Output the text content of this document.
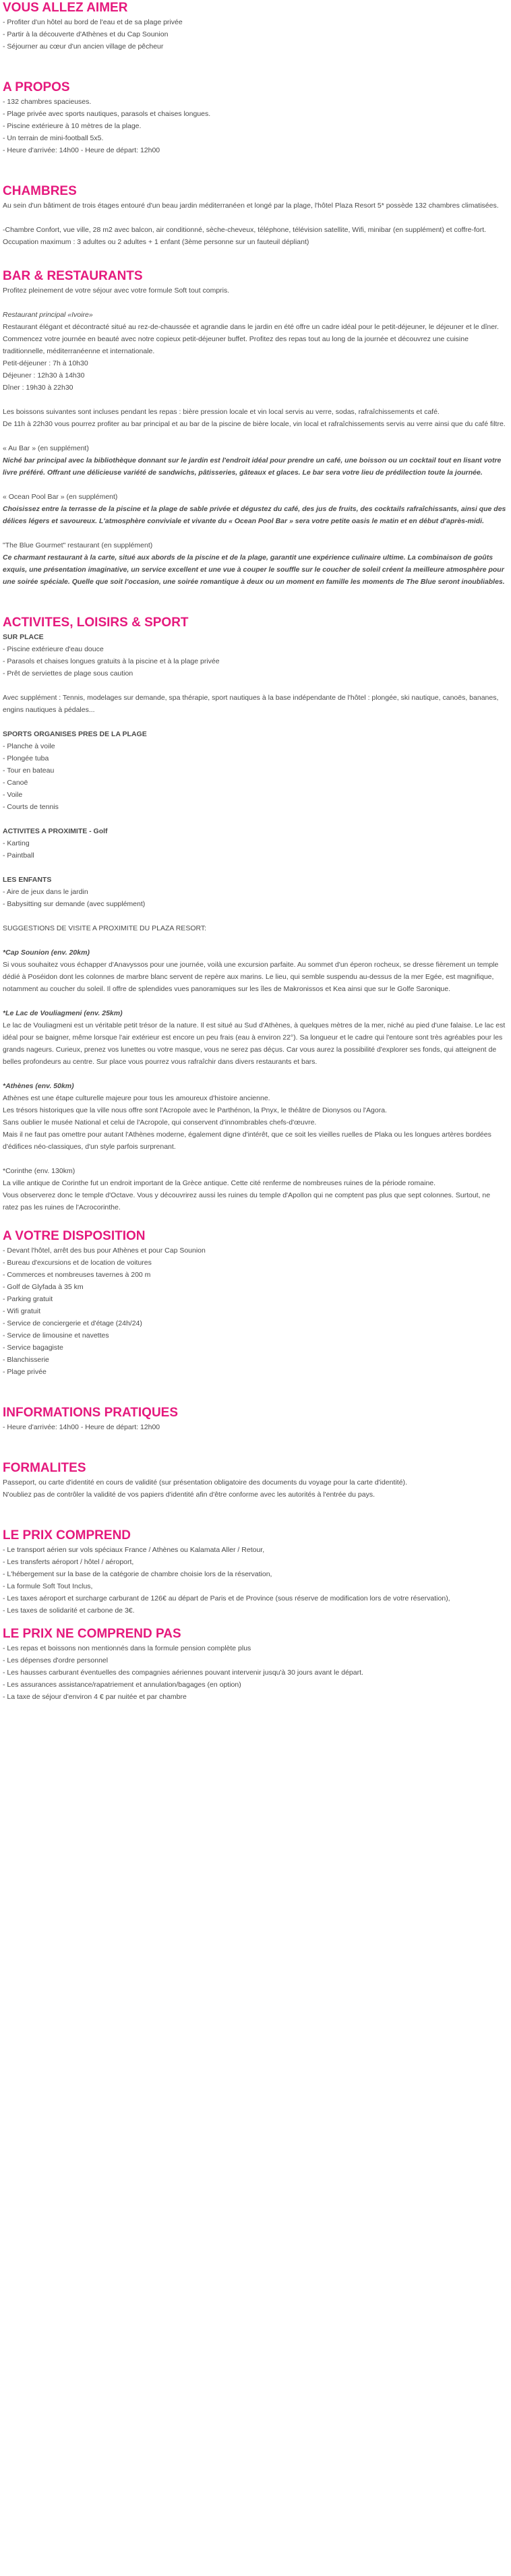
VOUS ALLEZ AIMER
- Profiter d'un hôtel au bord de l'eau et de sa plage privée
- Partir à la découverte d'Athènes et du Cap Sounion
- Séjourner au cœur d'un ancien village de pêcheur
A PROPOS
- 132 chambres spacieuses.
- Plage privée avec sports nautiques, parasols et chaises longues.
- Piscine extérieure à 10 mètres de la plage.
- Un terrain de mini-football 5x5.
- Heure d'arrivée: 14h00 - Heure de départ: 12h00
CHAMBRES
Au sein d'un bâtiment de trois étages entouré d'un beau jardin méditerranéen et longé par la plage, l'hôtel Plaza Resort 5* possède 132 chambres climatisées.
-Chambre Confort, vue ville, 28 m2 avec balcon, air conditionné, sèche-cheveux, téléphone, télévision satellite, Wifi, minibar (en supplément) et coffre-fort.
Occupation maximum : 3 adultes ou 2 adultes + 1 enfant (3ème personne sur un fauteuil dépliant)
BAR & RESTAURANTS
Profitez pleinement de votre séjour avec votre formule Soft tout compris.
Restaurant principal «Ivoire»
Restaurant élégant et décontracté situé au rez-de-chaussée et agrandie dans le jardin en été offre un cadre idéal pour le petit-déjeuner, le déjeuner et le dîner. Commencez votre journée en beauté avec notre copieux petit-déjeuner buffet. Profitez des repas tout au long de la journée et découvrez une cuisine traditionnelle, méditerranéenne et internationale.
Petit-déjeuner : 7h à 10h30
Déjeuner : 12h30 à 14h30
Dîner : 19h30 à 22h30
Les boissons suivantes sont incluses pendant les repas : bière pression locale et vin local servis au verre, sodas, rafraîchissements et café.
De 11h à 22h30 vous pourrez profiter au bar principal et au bar de la piscine de bière locale, vin local et rafraîchissements servis au verre ainsi que du café filtre.
« Au Bar » (en supplément)
Niché bar principal avec la bibliothèque donnant sur le jardin est l'endroit idéal pour prendre un café, une boisson ou un cocktail tout en lisant votre livre préféré. Offrant une délicieuse variété de sandwichs, pâtisseries, gâteaux et glaces. Le bar sera votre lieu de prédilection toute la journée.
« Ocean Pool Bar » (en supplément)
Choisissez entre la terrasse de la piscine et la plage de sable privée et dégustez du café, des jus de fruits, des cocktails rafraîchissants, ainsi que des délices légers et savoureux. L'atmosphère conviviale et vivante du « Ocean Pool Bar » sera votre petite oasis le matin et en début d'après-midi.
"The Blue Gourmet" restaurant (en supplément)
Ce charmant restaurant à la carte, situé aux abords de la piscine et de la plage, garantit une expérience culinaire ultime. La combinaison de goûts exquis, une présentation imaginative, un service excellent et une vue à couper le souffle sur le coucher de soleil créent la meilleure atmosphère pour une soirée spéciale. Quelle que soit l'occasion, une soirée romantique à deux ou un moment en famille les moments de The Blue seront inoubliables.
ACTIVITES, LOISIRS & SPORT
SUR PLACE
- Piscine extérieure d'eau douce
- Parasols et chaises longues gratuits à la piscine et à la plage privée
- Prêt de serviettes de plage sous caution
Avec supplément : Tennis, modelages sur demande, spa thérapie, sport nautiques à la base indépendante de l'hôtel : plongée, ski nautique, canoës, bananes, engins nautiques à pédales...
SPORTS ORGANISES PRES DE LA PLAGE
- Planche à voile
- Plongée tuba
- Tour en bateau
- Canoë
- Voile
- Courts de tennis
ACTIVITES A PROXIMITE - Golf
- Karting
- Paintball
LES ENFANTS
- Aire de jeux dans le jardin
- Babysitting sur demande (avec supplément)
SUGGESTIONS DE VISITE A PROXIMITE DU PLAZA RESORT:
*Cap Sounion (env. 20km)
Si vous souhaitez vous échapper d'Anavyssos pour une journée, voilà une excursion parfaite. Au sommet d'un éperon rocheux, se dresse fièrement un temple dédié à Poséidon dont les colonnes de marbre blanc servent de repère aux marins. Le lieu, qui semble suspendu au-dessus de la mer Egée, est magnifique, notamment au coucher du soleil. Il offre de splendides vues panoramiques sur les îles de Makronissos et Kea ainsi que sur le Golfe Saronique.
*Le Lac de Vouliagmeni (env. 25km)
Le lac de Vouliagmeni est un véritable petit trésor de la nature. Il est situé au Sud d'Athènes, à quelques mètres de la mer, niché au pied d'une falaise. Le lac est idéal pour se baigner, même lorsque l'air extérieur est encore un peu frais (eau à environ 22°). Sa longueur et le cadre qui l'entoure sont très agréables pour les grands nageurs. Curieux, prenez vos lunettes ou votre masque, vous ne serez pas déçus. Car vous aurez la possibilité d'explorer ses fonds, qui atteignent de belles profondeurs au centre. Sur place vous pourrez vous rafraîchir dans divers restaurants et bars.
*Athènes (env. 50km)
Athènes est une étape culturelle majeure pour tous les amoureux d'histoire ancienne.
Les trésors historiques que la ville nous offre sont l'Acropole avec le Parthénon, la Pnyx, le théâtre de Dionysos ou l'Agora.
Sans oublier le musée National et celui de l'Acropole, qui conservent d'innombrables chefs-d'œuvre.
Mais il ne faut pas omettre pour autant l'Athènes moderne, également digne d'intérêt, que ce soit les vieilles ruelles de Plaka ou les longues artères bordées d'édifices néo-classiques, d'un style parfois surprenant.
*Corinthe (env. 130km)
La ville antique de Corinthe fut un endroit important de la Grèce antique. Cette cité renferme de nombreuses ruines de la période romaine.
Vous observerez donc le temple d'Octave. Vous y découvrirez aussi les ruines du temple d'Apollon qui ne comptent pas plus que sept colonnes. Surtout, ne ratez pas les ruines de l'Acrocorinthe.
A VOTRE DISPOSITION
- Devant l'hôtel, arrêt des bus pour Athènes et pour Cap Sounion
- Bureau d'excursions et de location de voitures
- Commerces et nombreuses tavernes à 200 m
- Golf de Glyfada à 35 km
- Parking gratuit
- Wifi gratuit
- Service de conciergerie et d'étage (24h/24)
- Service de limousine et navettes
- Service bagagiste
- Blanchisserie
- Plage privée
INFORMATIONS PRATIQUES
- Heure d'arrivée: 14h00 - Heure de départ: 12h00
FORMALITES
Passeport, ou carte d'identité en cours de validité (sur présentation obligatoire des documents du voyage pour la carte d'identité).
N'oubliez pas de contrôler la validité de vos papiers d'identité afin d'être conforme avec les autorités à l'entrée du pays.
LE PRIX COMPREND
- Le transport aérien sur vols spéciaux France / Athènes ou Kalamata Aller / Retour,
- Les transferts aéroport / hôtel / aéroport,
- L'hébergement sur la base de la catégorie de chambre choisie lors de la réservation,
- La formule Soft Tout Inclus,
- Les taxes aéroport et surcharge carburant de 126€ au départ de Paris et de Province (sous réserve de modification lors de votre réservation),
- Les taxes de solidarité et carbone de 3€.
LE PRIX NE COMPREND PAS
- Les repas et boissons non mentionnés dans la formule pension complète plus
- Les dépenses d'ordre personnel
- Les hausses carburant éventuelles des compagnies aériennes pouvant intervenir jusqu'à 30 jours avant le départ.
- Les assurances assistance/rapatriement et annulation/bagages (en option)
- La taxe de séjour d'environ 4 € par nuitée et par chambre
